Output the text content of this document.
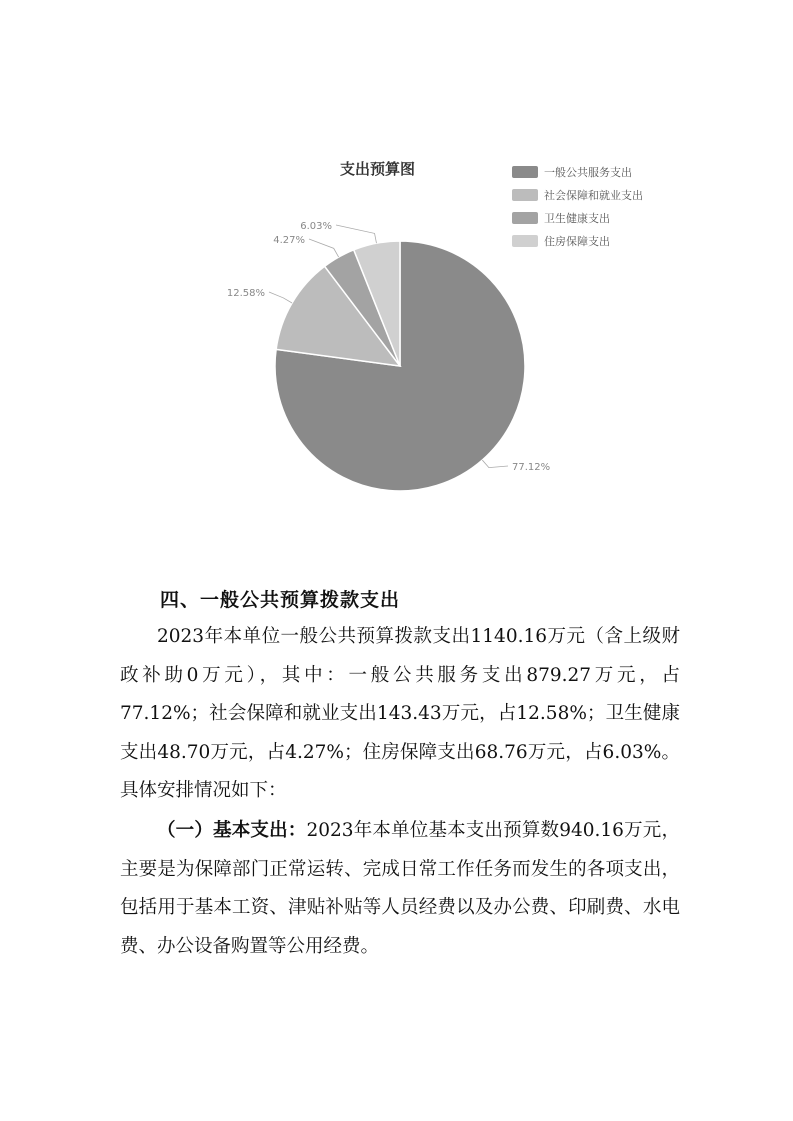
支出预算图	一般公共服务支出
社会保障和就业支出
卫生健康支出
住房保障支出
77.12%
12.58%
4.27%
6.03%
四、一般公共预算拨款支出
2023年本单位一般公共预算拨款支出1140.16万元（含上级财政补助0万元），其中：一般公共服务支出879.27万元，占77.12%；社会保障和就业支出143.43万元，占12.58%；卫生健康支出48.70万元，占4.27%；住房保障支出68.76万元，占6.03%。具体安排情况如下：
（一）基本支出：2023年本单位基本支出预算数940.16万元，主要是为保障部门正常运转、完成日常工作任务而发生的各项支出，包括用于基本工资、津贴补贴等人员经费以及办公费、印刷费、水电费、办公设备购置等公用经费。
